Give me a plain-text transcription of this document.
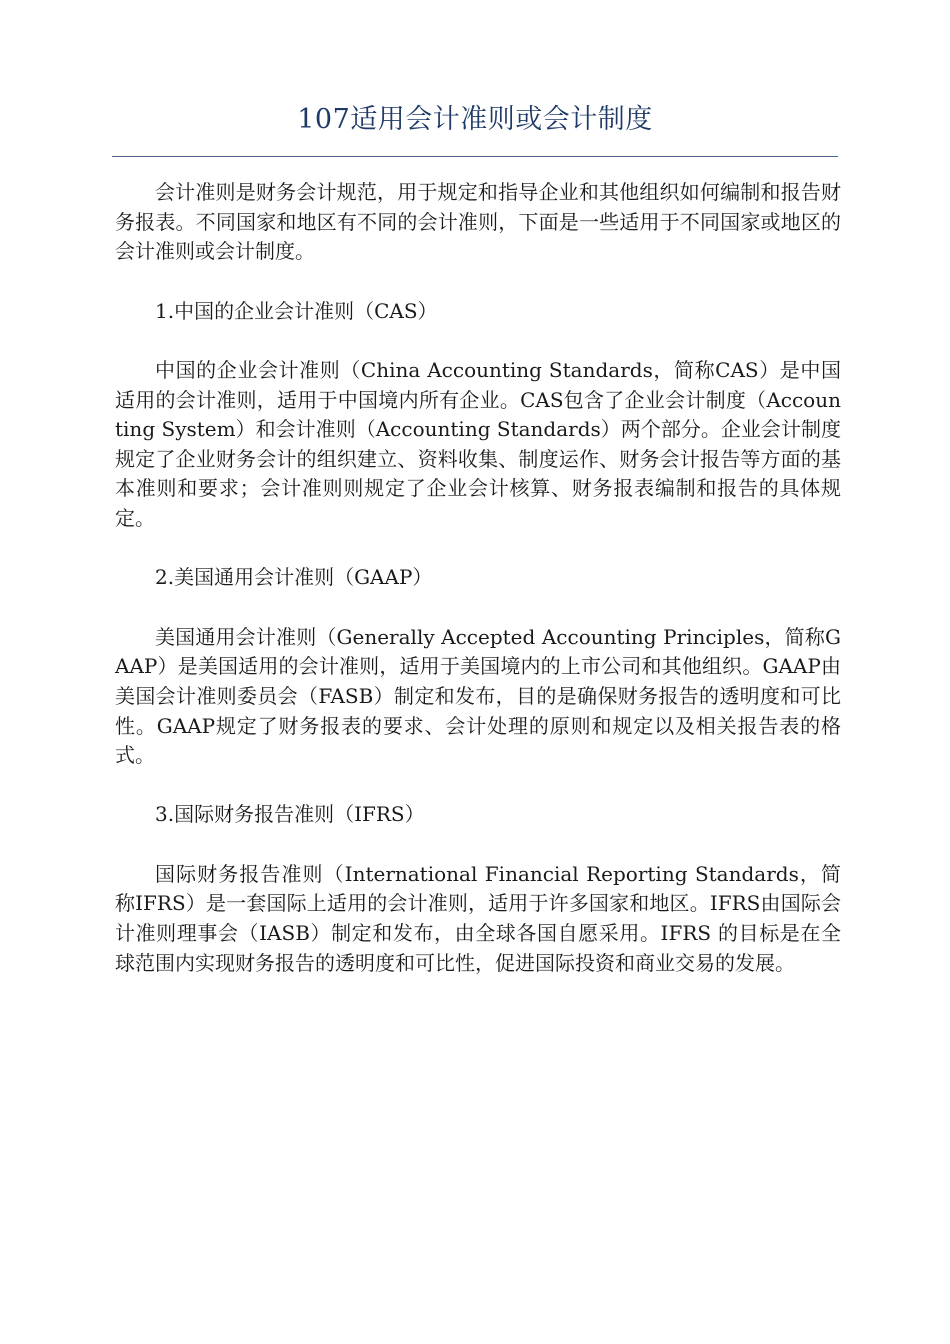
107适用会计准则或会计制度

会计准则是财务会计规范，用于规定和指导企业和其他组织如何编制和报告财务报表。不同国家和地区有不同的会计准则，下面是一些适用于不同国家或地区的会计准则或会计制度。

1.中国的企业会计准则（CAS）

中国的企业会计准则（China Accounting Standards，简称CAS）是中国适用的会计准则，适用于中国境内所有企业。CAS包含了企业会计制度（Accounting System）和会计准则（Accounting Standards）两个部分。企业会计制度规定了企业财务会计的组织建立、资料收集、制度运作、财务会计报告等方面的基本准则和要求；会计准则则规定了企业会计核算、财务报表编制和报告的具体规定。

2.美国通用会计准则（GAAP）

美国通用会计准则（Generally Accepted Accounting Principles，简称GAAP）是美国适用的会计准则，适用于美国境内的上市公司和其他组织。GAAP由美国会计准则委员会（FASB）制定和发布，目的是确保财务报告的透明度和可比性。GAAP规定了财务报表的要求、会计处理的原则和规定以及相关报告表的格式。

3.国际财务报告准则（IFRS）

国际财务报告准则（International Financial Reporting Standards，简称IFRS）是一套国际上适用的会计准则，适用于许多国家和地区。IFRS由国际会计准则理事会（IASB）制定和发布，由全球各国自愿采用。IFRS 的目标是在全球范围内实现财务报告的透明度和可比性，促进国际投资和商业交易的发展。
